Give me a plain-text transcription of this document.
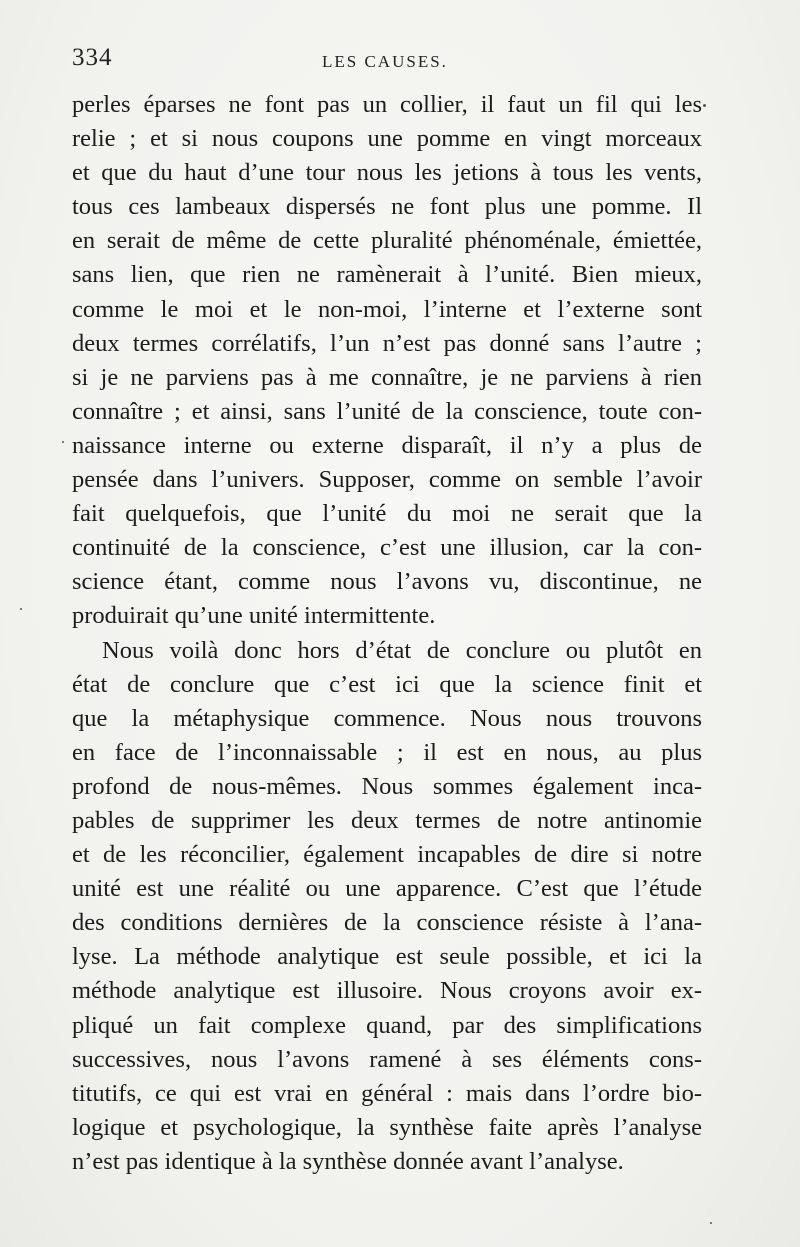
334	LES CAUSES.
perles éparses ne font pas un collier, il faut un fil qui les
relie ; et si nous coupons une pomme en vingt morceaux
et que du haut d’une tour nous les jetions à tous les vents,
tous ces lambeaux dispersés ne font plus une pomme. Il
en serait de même de cette pluralité phénoménale, émiettée,
sans lien, que rien ne ramènerait à l’unité. Bien mieux,
comme le moi et le non-moi, l’interne et l’externe sont
deux termes corrélatifs, l’un n’est pas donné sans l’autre ;
si je ne parviens pas à me connaître, je ne parviens à rien
connaître ; et ainsi, sans l’unité de la conscience, toute con-
naissance interne ou externe disparaît, il n’y a plus de
pensée dans l’univers. Supposer, comme on semble l’avoir
fait quelquefois, que l’unité du moi ne serait que la
continuité de la conscience, c’est une illusion, car la con-
science étant, comme nous l’avons vu, discontinue, ne
produirait qu’une unité intermittente.
Nous voilà donc hors d’état de conclure ou plutôt en
état de conclure que c’est ici que la science finit et
que la métaphysique commence. Nous nous trouvons
en face de l’inconnaissable ; il est en nous, au plus
profond de nous-mêmes. Nous sommes également inca-
pables de supprimer les deux termes de notre antinomie
et de les réconcilier, également incapables de dire si notre
unité est une réalité ou une apparence. C’est que l’étude
des conditions dernières de la conscience résiste à l’ana-
lyse. La méthode analytique est seule possible, et ici la
méthode analytique est illusoire. Nous croyons avoir ex-
pliqué un fait complexe quand, par des simplifications
successives, nous l’avons ramené à ses éléments cons-
titutifs, ce qui est vrai en général : mais dans l’ordre bio-
logique et psychologique, la synthèse faite après l’analyse
n’est pas identique à la synthèse donnée avant l’analyse.
